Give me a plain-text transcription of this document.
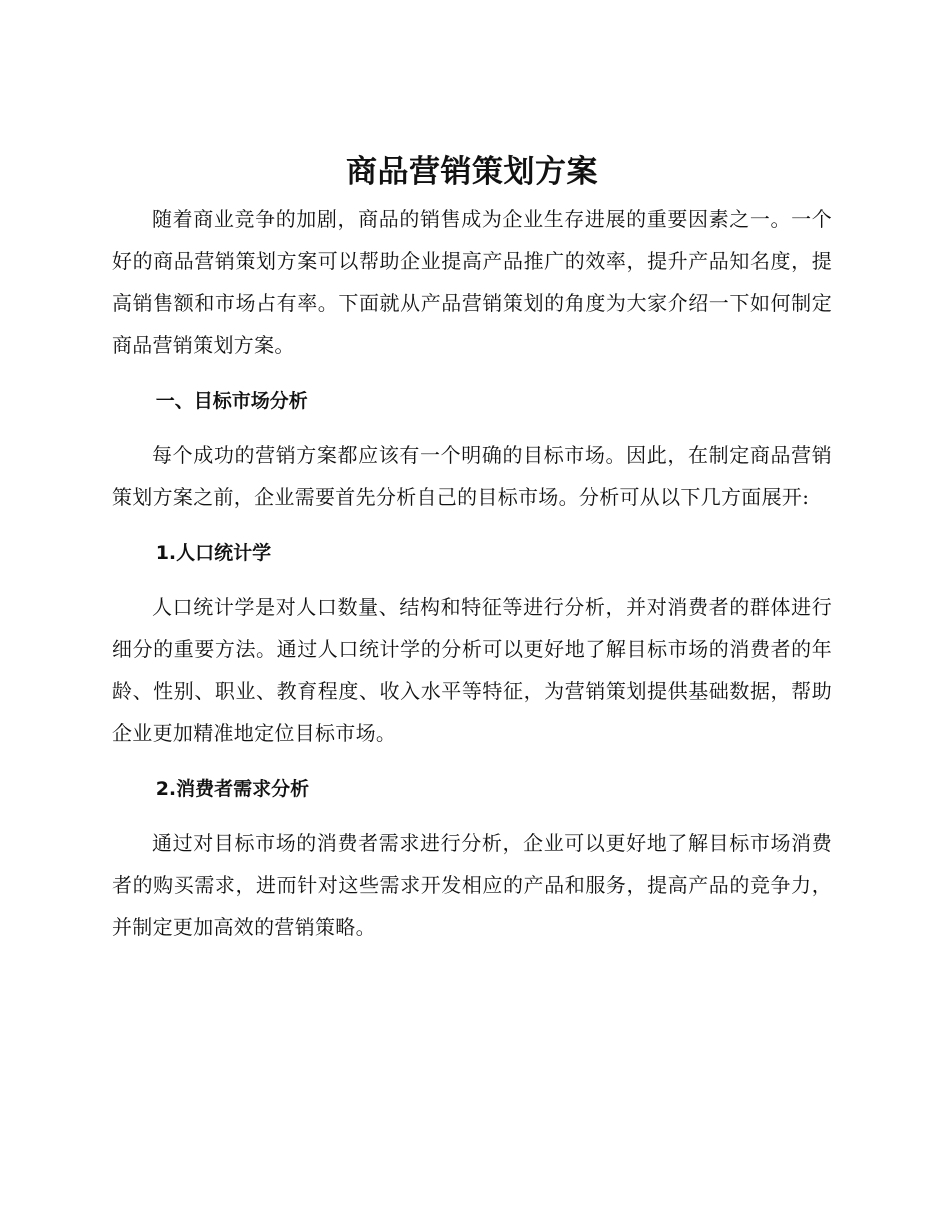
商品营销策划方案

随着商业竞争的加剧，商品的销售成为企业生存进展的重要因素之一。一个好的商品营销策划方案可以帮助企业提高产品推广的效率，提升产品知名度，提高销售额和市场占有率。下面就从产品营销策划的角度为大家介绍一下如何制定商品营销策划方案。

一、目标市场分析

每个成功的营销方案都应该有一个明确的目标市场。因此，在制定商品营销策划方案之前，企业需要首先分析自己的目标市场。分析可从以下几方面展开:

1.人口统计学

人口统计学是对人口数量、结构和特征等进行分析，并对消费者的群体进行细分的重要方法。通过人口统计学的分析可以更好地了解目标市场的消费者的年龄、性别、职业、教育程度、收入水平等特征，为营销策划提供基础数据，帮助企业更加精准地定位目标市场。

2.消费者需求分析

通过对目标市场的消费者需求进行分析，企业可以更好地了解目标市场消费者的购买需求，进而针对这些需求开发相应的产品和服务，提高产品的竞争力，并制定更加高效的营销策略。
